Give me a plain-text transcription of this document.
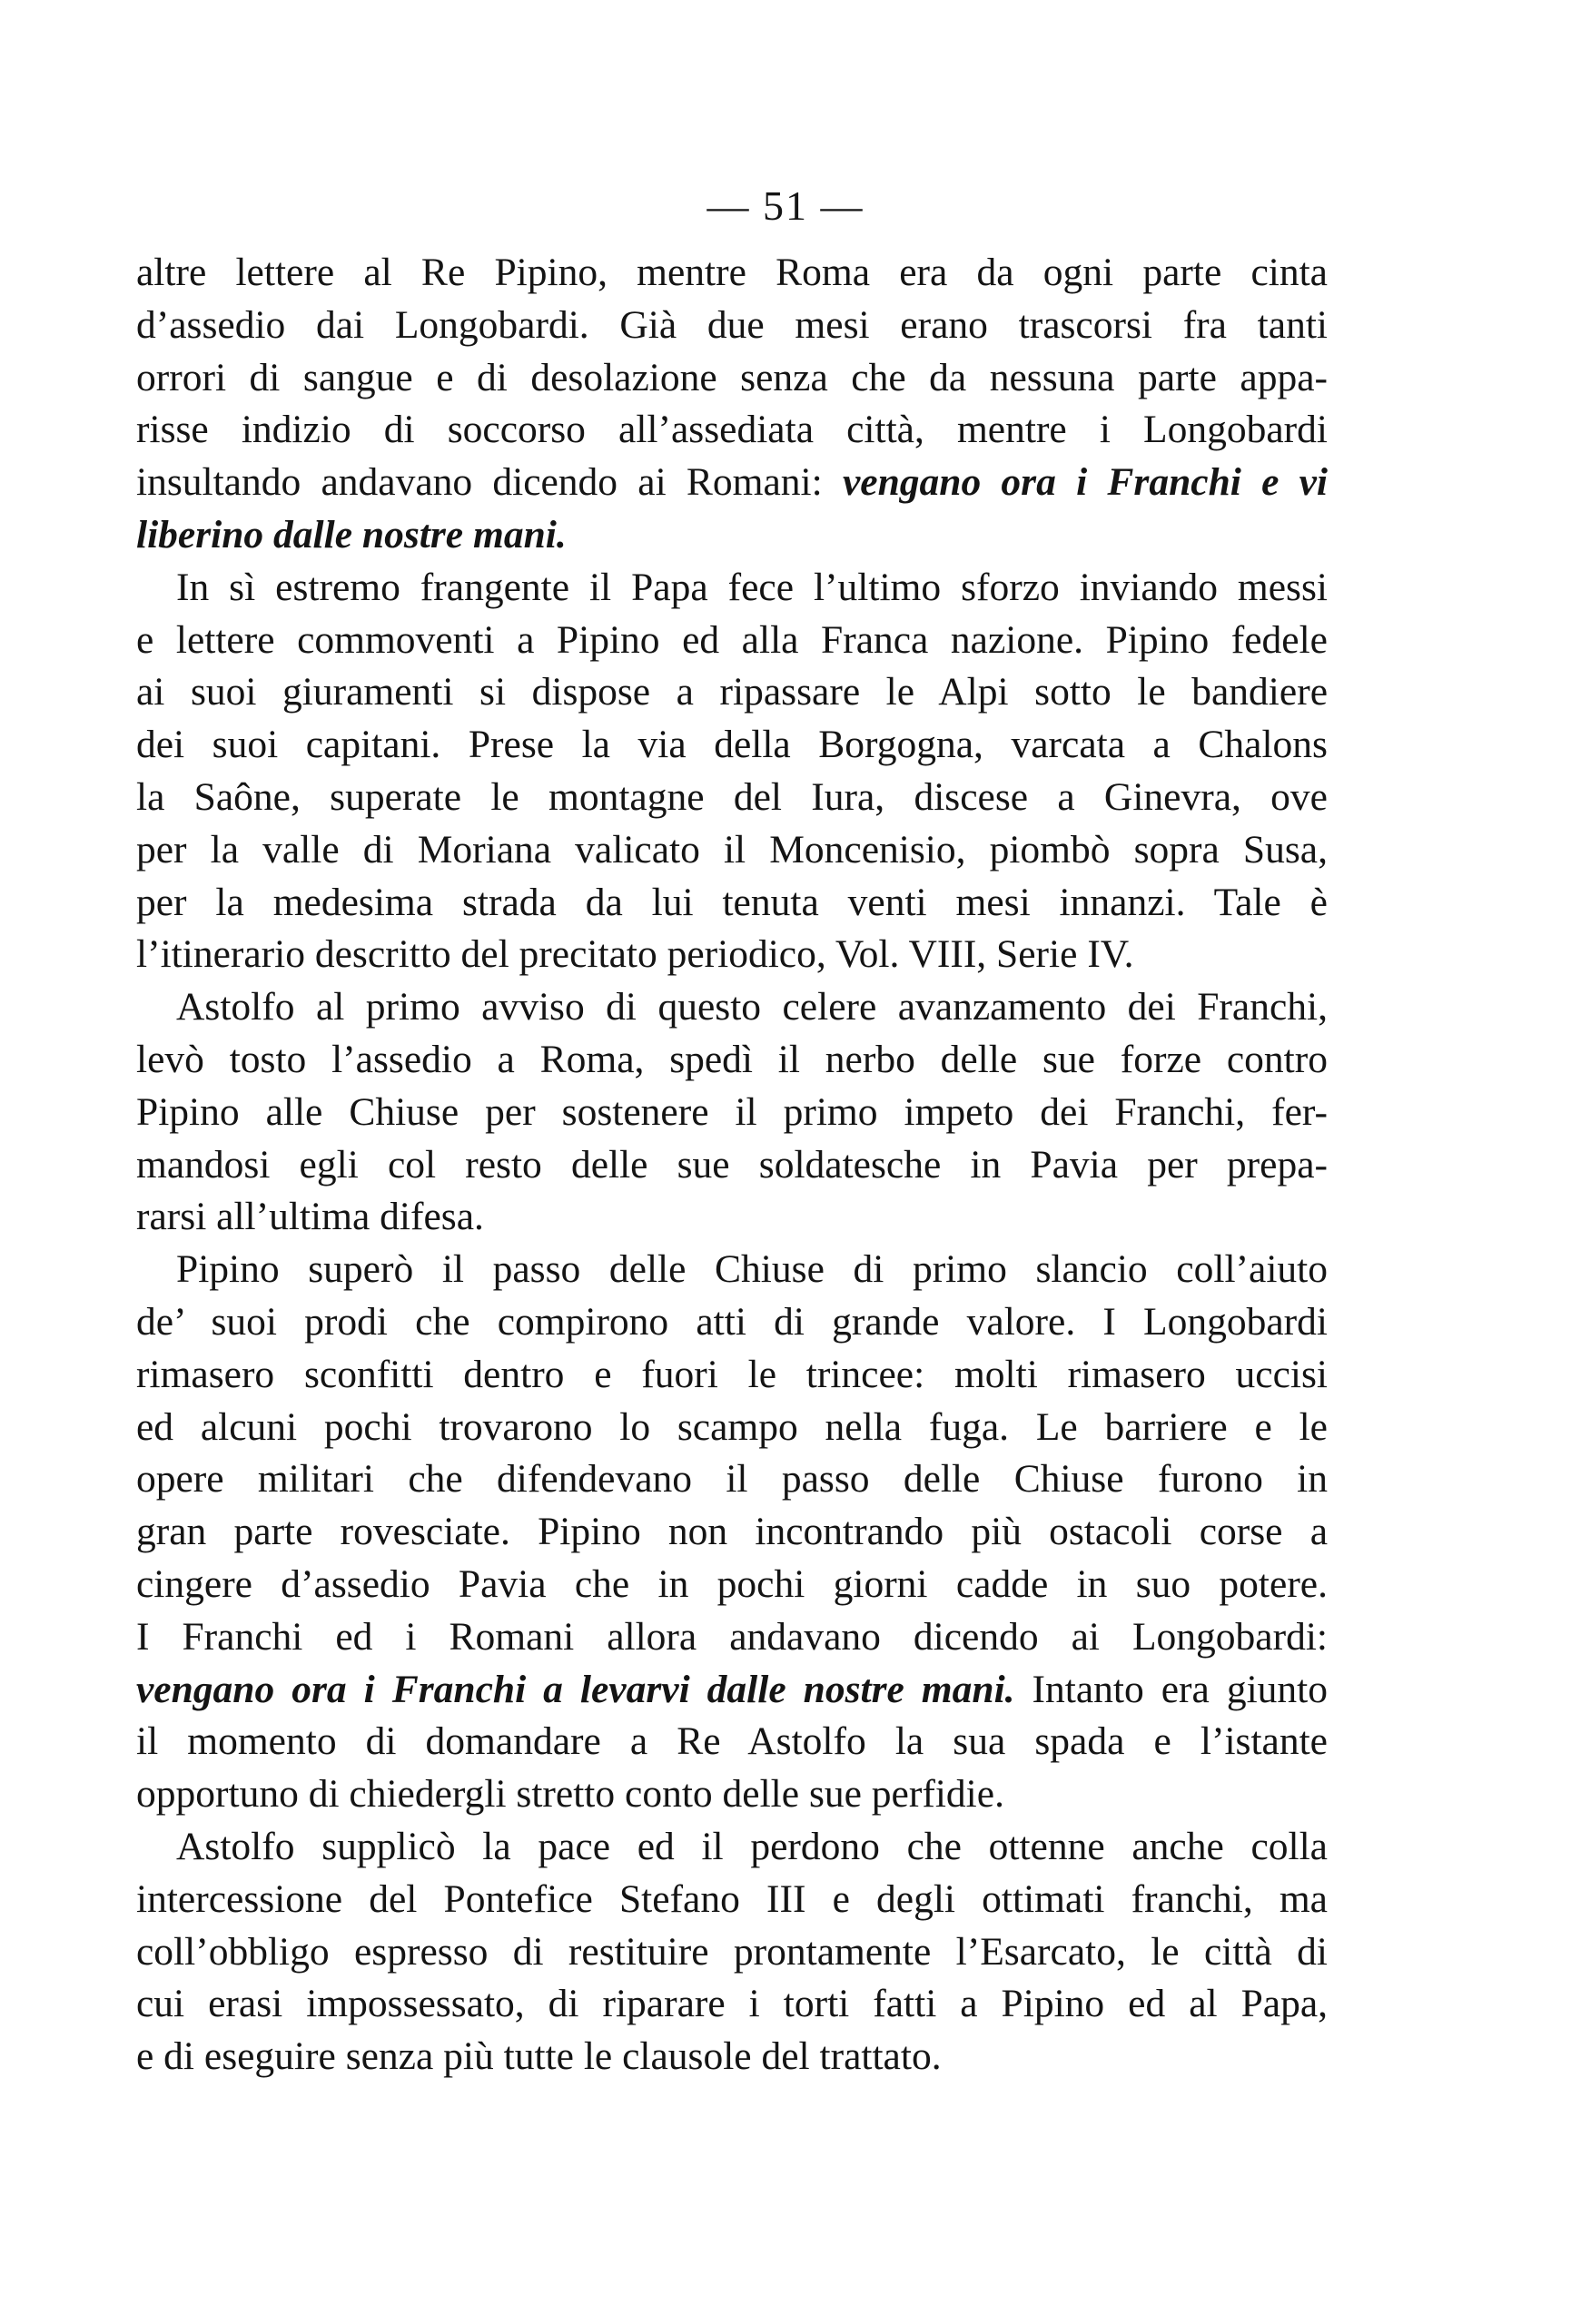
— 51 —
altre lettere al Re Pipino, mentre Roma era da ogni parte cinta
d’assedio dai Longobardi. Già due mesi erano trascorsi fra tanti
orrori di sangue e di desolazione senza che da nessuna parte appa-
risse indizio di soccorso all’assediata città, mentre i Longobardi
insultando andavano dicendo ai Romani: vengano ora i Franchi e vi
liberino dalle nostre mani.
In sì estremo frangente il Papa fece l’ultimo sforzo inviando messi
e lettere commoventi a Pipino ed alla Franca nazione. Pipino fedele
ai suoi giuramenti si dispose a ripassare le Alpi sotto le bandiere
dei suoi capitani. Prese la via della Borgogna, varcata a Chalons
la Saône, superate le montagne del Iura, discese a Ginevra, ove
per la valle di Moriana valicato il Moncenisio, piombò sopra Susa,
per la medesima strada da lui tenuta venti mesi innanzi. Tale è
l’itinerario descritto del precitato periodico, Vol. VIII, Serie IV.
Astolfo al primo avviso di questo celere avanzamento dei Franchi,
levò tosto l’assedio a Roma, spedì il nerbo delle sue forze contro
Pipino alle Chiuse per sostenere il primo impeto dei Franchi, fer-
mandosi egli col resto delle sue soldatesche in Pavia per prepa-
rarsi all’ultima difesa.
Pipino superò il passo delle Chiuse di primo slancio coll’aiuto
de’ suoi prodi che compirono atti di grande valore. I Longobardi
rimasero sconfitti dentro e fuori le trincee: molti rimasero uccisi
ed alcuni pochi trovarono lo scampo nella fuga. Le barriere e le
opere militari che difendevano il passo delle Chiuse furono in
gran parte rovesciate. Pipino non incontrando più ostacoli corse a
cingere d’assedio Pavia che in pochi giorni cadde in suo potere.
I Franchi ed i Romani allora andavano dicendo ai Longobardi:
vengano ora i Franchi a levarvi dalle nostre mani. Intanto era giunto
il momento di domandare a Re Astolfo la sua spada e l’istante
opportuno di chiedergli stretto conto delle sue perfidie.
Astolfo supplicò la pace ed il perdono che ottenne anche colla
intercessione del Pontefice Stefano III e degli ottimati franchi, ma
coll’obbligo espresso di restituire prontamente l’Esarcato, le città di
cui erasi impossessato, di riparare i torti fatti a Pipino ed al Papa,
e di eseguire senza più tutte le clausole del trattato.
